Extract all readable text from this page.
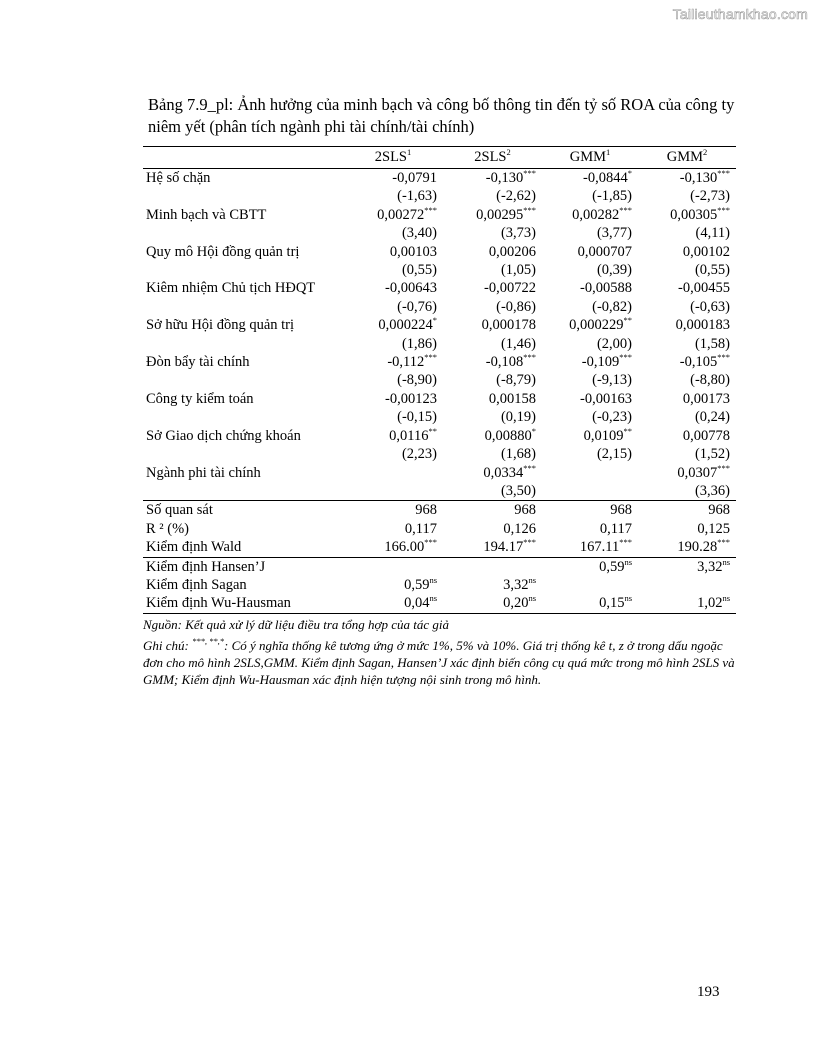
Tailieuthamkhao.com
Bảng 7.9_pl: Ảnh hưởng của minh bạch và công bố thông tin đến tỷ số ROA của công ty niêm yết (phân tích ngành phi tài chính/tài chính)
	2SLS$^1$	2SLS$^2$	GMM$^1$	GMM$^2$
Hệ số chặn	-0,0791	-0,130***	-0,0844*	-0,130***
	(-1,63)	(-2,62)	(-1,85)	(-2,73)
Minh bạch và CBTT	0,00272***	0,00295***	0,00282***	0,00305***
	(3,40)	(3,73)	(3,77)	(4,11)
Quy mô Hội đồng quản trị	0,00103	0,00206	0,000707	0,00102
	(0,55)	(1,05)	(0,39)	(0,55)
Kiêm nhiệm Chủ tịch HĐQT	-0,00643	-0,00722	-0,00588	-0,00455
	(-0,76)	(-0,86)	(-0,82)	(-0,63)
Sở hữu Hội đồng quản trị	0,000224*	0,000178	0,000229**	0,000183
	(1,86)	(1,46)	(2,00)	(1,58)
Đòn bẩy tài chính	-0,112***	-0,108***	-0,109***	-0,105***
	(-8,90)	(-8,79)	(-9,13)	(-8,80)
Công ty kiểm toán	-0,00123	0,00158	-0,00163	0,00173
	(-0,15)	(0,19)	(-0,23)	(0,24)
Sở Giao dịch chứng khoán	0,0116**	0,00880*	0,0109**	0,00778
	(2,23)	(1,68)	(2,15)	(1,52)
Ngành phi tài chính		0,0334***		0,0307***
		(3,50)		(3,36)
Số quan sát	968	968	968	968
R ² (%)	0,117	0,126	0,117	0,125
Kiểm định Wald	166.00***	194.17***	167.11***	190.28***
Kiểm định Hansen’J			$0,59^{ns}$	$3,32^{ns}$
Kiểm định Sagan	$0,59^{ns}$	$3,32^{ns}$		
Kiểm định Wu-Hausman	$0,04^{ns}$	$0,20^{ns}$	$0,15^{ns}$	$1,02^{ns}$

Nguồn: Kết quả xử lý dữ liệu điều tra tổng hợp của tác giả

Ghi chú: ***, **,*: Có ý nghĩa thống kê tương ứng ở mức 1%, 5% và 10%. Giá trị thống kê t, z ở trong dấu ngoặc đơn cho mô hình 2SLS,GMM. Kiểm định Sagan, Hansen’J xác định biến công cụ quá mức trong mô hình 2SLS và GMM; Kiểm định Wu-Hausman xác định hiện tượng nội sinh trong mô hình.

193
